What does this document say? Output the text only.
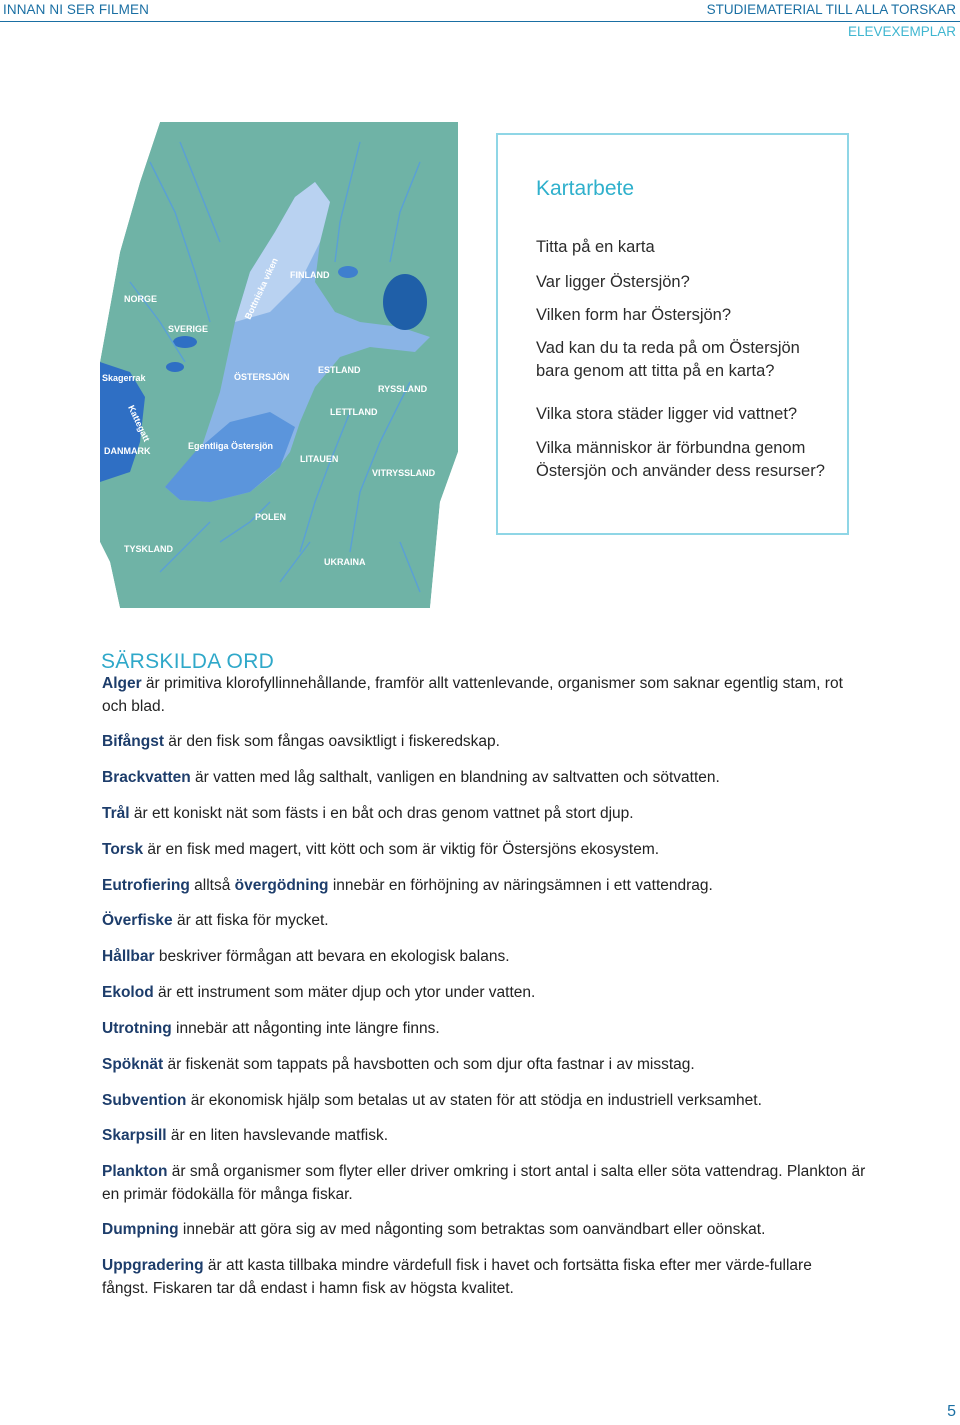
INNAN NI SER FILMEN	STUDIEMATERIAL TILL ALLA TORSKAR
ELEVEXEMPLAR
NORGE
SVERIGE
FINLAND
Bottniska viken
ÖSTERSJÖN
ESTLAND
RYSSLAND
LETTLAND
Skagerrak
Kattegatt
DANMARK	Egentliga Östersjön
LITAUEN
VITRYSSLAND
POLEN
TYSKLAND
UKRAINA
Kartarbete
Titta på en karta
Var ligger Östersjön?
Vilken form har Östersjön?
Vad kan du ta reda på om Östersjön bara genom att titta på en karta?
Vilka stora städer ligger vid vattnet?
Vilka människor är förbundna genom Östersjön och använder dess resurser?
SÄRSKILDA ORD
Alger är primitiva klorofyllinnehållande, framför allt vattenlevande, organismer som saknar egentlig stam, rot och blad.
Bifångst är den fisk som fångas oavsiktligt i fiskeredskap.
Brackvatten är vatten med låg salthalt, vanligen en blandning av saltvatten och sötvatten.
Trål är ett koniskt nät som fästs i en båt och dras genom vattnet på stort djup.
Torsk är en fisk med magert, vitt kött och som är viktig för Östersjöns ekosystem.
Eutrofiering alltså övergödning innebär en förhöjning av näringsämnen i ett vattendrag.
Överfiske är att fiska för mycket.
Hållbar beskriver förmågan att bevara en ekologisk balans.
Ekolod är ett instrument som mäter djup och ytor under vatten.
Utrotning innebär att någonting inte längre finns.
Spöknät är fiskenät som tappats på havsbotten och som djur ofta fastnar i av misstag.
Subvention är ekonomisk hjälp som betalas ut av staten för att stödja en industriell verksamhet.
Skarpsill är en liten havslevande matfisk.
Plankton är små organismer som flyter eller driver omkring i stort antal i salta eller söta vattendrag. Plankton är en primär födokälla för många fiskar.
Dumpning innebär att göra sig av med någonting som betraktas som oanvändbart eller oönskat.
Uppgradering är att kasta tillbaka mindre värdefull fisk i havet och fortsätta fiska efter mer värde-fullare fångst. Fiskaren tar då endast i hamn fisk av högsta kvalitet.
5
